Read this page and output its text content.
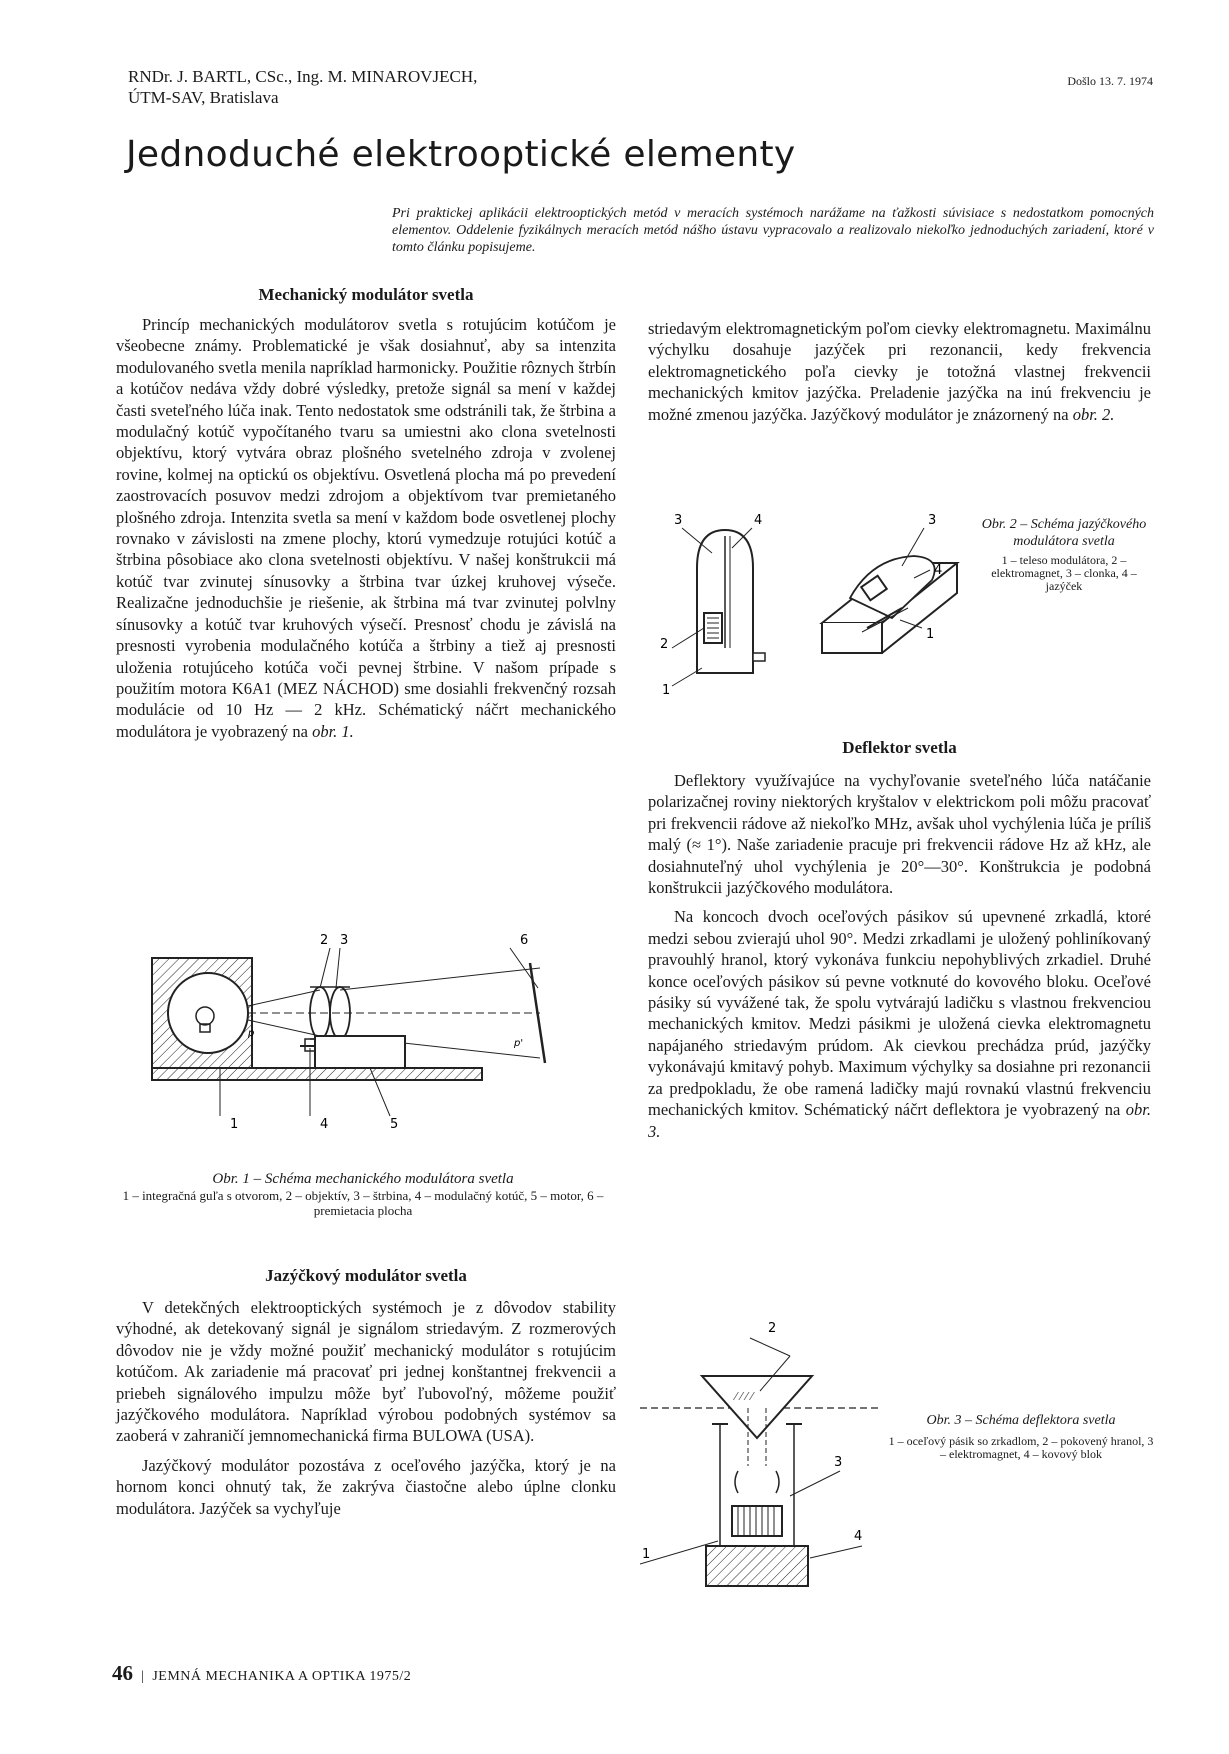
RNDr. J. BARTL, CSc., Ing. M. MINAROVJECH,
ÚTM-SAV, Bratislava
Došlo 13. 7. 1974
Jednoduché elektrooptické elementy
Pri praktickej aplikácii elektrooptických metód v meracích systémoch narážame na ťažkosti súvisiace s nedostatkom pomocných elementov. Oddelenie fyzikálnych meracích metód nášho ústavu vypracovalo a realizovalo niekoľko jednoduchých zariadení, ktoré v tomto článku popisujeme.
Mechanický modulátor svetla

Princíp mechanických modulátorov svetla s rotujúcim kotúčom je všeobecne známy. Problematické je však dosiahnuť, aby sa intenzita modulovaného svetla menila napríklad harmonicky. Použitie rôznych štrbín a kotúčov nedáva vždy dobré výsledky, pretože signál sa mení v každej časti sveteľného lúča inak. Tento nedostatok sme odstránili tak, že štrbina a modulačný kotúč vypočítaného tvaru sa umiestni ako clona svetelnosti objektívu, ktorý vytvára obraz plošného svetelného zdroja v zvolenej rovine, kolmej na optickú os objektívu. Osvetlená plocha má po prevedení zaostrovacích posuvov medzi zdrojom a objektívom tvar premietaného plošného zdroja. Intenzita svetla sa mení v každom bode osvetlenej plochy rovnako v závislosti na zmene plochy, ktorú vymedzuje rotujúci kotúč a štrbina pôsobiace ako clona svetelnosti objektívu. V našej konštrukcii má kotúč tvar zvinutej sínusovky a štrbina tvar úzkej kruhovej výseče. Realizačne jednoduchšie je riešenie, ak štrbina má tvar zvinutej polvlny sínusovky a kotúč tvar kruhových výsečí. Presnosť chodu je závislá na presnosti vyrobenia modulačného kotúča a štrbiny a tiež aj presnosti uloženia rotujúceho kotúča voči pevnej štrbine. V našom prípade s použitím motora K6A1 (MEZ NÁCHOD) sme dosiahli frekvenčný rozsah modulácie od 10 Hz — 2 kHz. Schématický náčrt mechanického modulátora je vyobrazený na obr. 1.

1
2 3
4	5
6
p
p'
Obr. 1 – Schéma mechanického modulátora svetla
1 – integračná guľa s otvorom, 2 – objektív, 3 – štrbina, 4 – modulačný kotúč, 5 – motor, 6 – premietacia plocha
Jazýčkový modulátor svetla

V detekčných elektrooptických systémoch je z dôvodov stability výhodné, ak detekovaný signál je signálom striedavým. Z rozmerových dôvodov nie je vždy možné použiť mechanický modulátor s rotujúcim kotúčom. Ak zariadenie má pracovať pri jednej konštantnej frekvencii a priebeh signálového impulzu môže byť ľubovoľný, môžeme použiť jazýčkového modulátora. Napríklad výrobou podobných systémov sa zaoberá v zahraničí jemnomechanická firma BULOWA (USA).

Jazýčkový modulátor pozostáva z oceľového jazýčka, ktorý je na hornom konci ohnutý tak, že zakrýva čiastočne alebo úplne clonku modulátora. Jazýček sa vychyľuje

striedavým elektromagnetickým poľom cievky elektromagnetu. Maximálnu výchylku dosahuje jazýček pri rezonancii, kedy frekvencia elektromagnetického poľa cievky je totožná vlastnej frekvencii mechanických kmitov jazýčka. Preladenie jazýčka na inú frekvenciu je možné zmenou jazýčka. Jazýčkový modulátor je znázornený na obr. 2.

3	4
2
1
3
4
1
Obr. 2 – Schéma jazýčkového modulátora svetla
1 – teleso modulátora, 2 – elektromagnet, 3 – clonka, 4 – jazýček
Deflektor svetla

Deflektory využívajúce na vychyľovanie sveteľného lúča natáčanie polarizačnej roviny niektorých kryštalov v elektrickom poli môžu pracovať pri frekvencii rádove až niekoľko MHz, avšak uhol vychýlenia lúča je príliš malý (≈ 1°). Naše zariadenie pracuje pri frekvencii rádove Hz až kHz, ale dosiahnuteľný uhol vychýlenia je 20°—30°. Konštrukcia je podobná konštrukcii jazýčkového modulátora.

Na koncoch dvoch oceľových pásikov sú upevnené zrkadlá, ktoré medzi sebou zvierajú uhol 90°. Medzi zrkadlami je uložený pohliníkovaný pravouhlý hranol, ktorý vykonáva funkciu nepohyblivých zrkadiel. Druhé konce oceľových pásikov sú pevne votknuté do kovového bloku. Oceľové pásiky sú vyvážené tak, že spolu vytvárajú ladičku s vlastnou frekvenciou mechanických kmitov. Medzi pásikmi je uložená cievka elektromagnetu napájaného striedavým prúdom. Ak cievkou prechádza prúd, jazýčky vykonávajú kmitavý pohyb. Maximum výchylky sa dosiahne pri rezonancii za predpokladu, že obe ramená ladičky majú rovnakú vlastnú frekvenciu mechanických kmitov. Schématický náčrt deflektora je vyobrazený na obr. 3.

⁄ ⁄ ⁄ ⁄
2
3
4
1
Obr. 3 – Schéma deflektora svetla
1 – oceľový pásik so zrkadlom, 2 – pokovený hranol, 3 – elektromagnet, 4 – kovový blok
46  |  JEMNÁ MECHANIKA A OPTIKA 1975/2
